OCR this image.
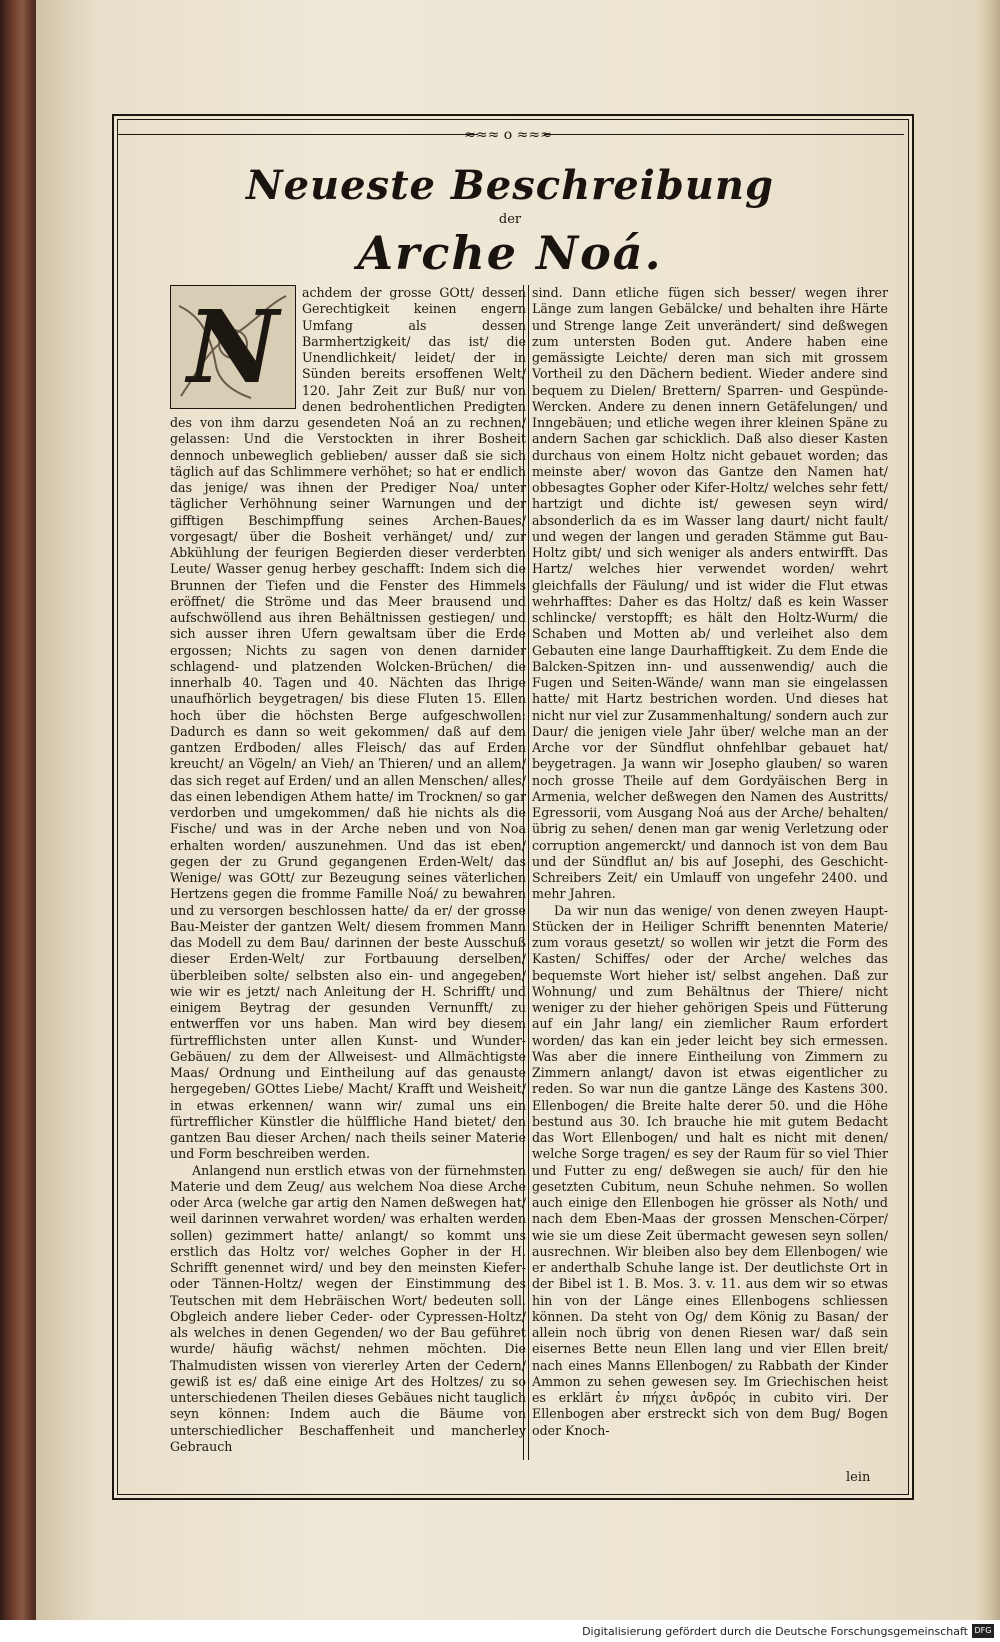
≈≈≈ o ≈≈≈
Neueste Beschreibung
der
Arche Noá.
N	achdem der grosse GOtt/ dessen Gerechtigkeit keinen engern Umfang als dessen Barmhertzigkeit/ das ist/ die Unendlichkeit/ leidet/ der in Sünden bereits ersoffenen Welt/ 120. Jahr Zeit zur Buß/ nur von denen bedrohentlichen Predigten des von ihm darzu gesendeten Noá an zu rechnen/ gelassen: Und die Verstockten in ihrer Bosheit dennoch unbeweglich geblieben/ ausser daß sie sich täglich auf das Schlimmere verhöhet; so hat er endlich das jenige/ was ihnen der Prediger Noa/ unter täglicher Verhöhnung seiner Warnungen und der gifftigen Beschimpffung seines Archen-Baues/ vorgesagt/ über die Bosheit verhänget/ und/ zur Abkühlung der feurigen Begierden dieser verderbten Leute/ Wasser genug herbey geschafft: Indem sich die Brunnen der Tiefen und die Fenster des Himmels eröffnet/ die Ströme und das Meer brausend und aufschwöllend aus ihren Behältnissen gestiegen/ und sich ausser ihren Ufern gewaltsam über die Erde ergossen; Nichts zu sagen von denen darnider schlagend- und platzenden Wolcken-Brüchen/ die innerhalb 40. Tagen und 40. Nächten das Ihrige unaufhörlich beygetragen/ bis diese Fluten 15. Ellen hoch über die höchsten Berge aufgeschwollen: Dadurch es dann so weit gekommen/ daß auf dem gantzen Erdboden/ alles Fleisch/ das auf Erden kreucht/ an Vögeln/ an Vieh/ an Thieren/ und an allem/ das sich reget auf Erden/ und an allen Menschen/ alles/ das einen lebendigen Athem hatte/ im Trocknen/ so gar verdorben und umgekommen/ daß hie nichts als die Fische/ und was in der Arche neben und von Noa erhalten worden/ auszunehmen. Und das ist eben/ gegen der zu Grund gegangenen Erden-Welt/ das Wenige/ was GOtt/ zur Bezeugung seines väterlichen Hertzens gegen die fromme Famille Noá/ zu bewahren und zu versorgen beschlossen hatte/ da er/ der grosse Bau-Meister der gantzen Welt/ diesem frommen Mann das Modell zu dem Bau/ darinnen der beste Ausschuß dieser Erden-Welt/ zur Fortbauung derselben/ überbleiben solte/ selbsten also ein- und angegeben/ wie wir es jetzt/ nach Anleitung der H. Schrifft/ und einigem Beytrag der gesunden Vernunfft/ zu entwerffen vor uns haben. Man wird bey diesem fürtrefflichsten unter allen Kunst- und Wunder-Gebäuen/ zu dem der Allweisest- und Allmächtigste Maas/ Ordnung und Eintheilung auf das genauste hergegeben/ GOttes Liebe/ Macht/ Krafft und Weisheit/ in etwas erkennen/ wann wir/ zumal uns ein fürtrefflicher Künstler die hülffliche Hand bietet/ den gantzen Bau dieser Archen/ nach theils seiner Materie und Form beschreiben werden.

Anlangend nun erstlich etwas von der fürnehmsten Materie und dem Zeug/ aus welchem Noa diese Arche oder Arca (welche gar artig den Namen deßwegen hat/ weil darinnen verwahret worden/ was erhalten werden sollen) gezimmert hatte/ anlangt/ so kommt uns erstlich das Holtz vor/ welches Gopher in der H. Schrifft genennet wird/ und bey den meinsten Kiefer- oder Tännen-Holtz/ wegen der Einstimmung des Teutschen mit dem Hebräischen Wort/ bedeuten soll. Obgleich andere lieber Ceder- oder Cypressen-Holtz/ als welches in denen Gegenden/ wo der Bau geführet wurde/ häufig wächst/ nehmen möchten. Die Thalmudisten wissen von viererley Arten der Cedern/ gewiß ist es/ daß eine einige Art des Holtzes/ zu so unterschiedenen Theilen dieses Gebäues nicht tauglich seyn können: Indem auch die Bäume von unterschiedlicher Beschaffenheit und mancherley Gebrauch

sind. Dann etliche fügen sich besser/ wegen ihrer Länge zum langen Gebälcke/ und behalten ihre Härte und Strenge lange Zeit unverändert/ sind deßwegen zum untersten Boden gut. Andere haben eine gemässigte Leichte/ deren man sich mit grossem Vortheil zu den Dächern bedient. Wieder andere sind bequem zu Dielen/ Brettern/ Sparren- und Gespünde-Wercken. Andere zu denen innern Getäfelungen/ und Inngebäuen; und etliche wegen ihrer kleinen Späne zu andern Sachen gar schicklich. Daß also dieser Kasten durchaus von einem Holtz nicht gebauet worden; das meinste aber/ wovon das Gantze den Namen hat/ obbesagtes Gopher oder Kifer-Holtz/ welches sehr fett/ hartzigt und dichte ist/ gewesen seyn wird/ absonderlich da es im Wasser lang daurt/ nicht fault/ und wegen der langen und geraden Stämme gut Bau-Holtz gibt/ und sich weniger als anders entwirfft. Das Hartz/ welches hier verwendet worden/ wehrt gleichfalls der Fäulung/ und ist wider die Flut etwas wehrhafftes: Daher es das Holtz/ daß es kein Wasser schlincke/ verstopfft; es hält den Holtz-Wurm/ die Schaben und Motten ab/ und verleihet also dem Gebauten eine lange Daurhafftigkeit. Zu dem Ende die Balcken-Spitzen inn- und aussenwendig/ auch die Fugen und Seiten-Wände/ wann man sie eingelassen hatte/ mit Hartz bestrichen worden. Und dieses hat nicht nur viel zur Zusammenhaltung/ sondern auch zur Daur/ die jenigen viele Jahr über/ welche man an der Arche vor der Sündflut ohnfehlbar gebauet hat/ beygetragen. Ja wann wir Josepho glauben/ so waren noch grosse Theile auf dem Gordyäischen Berg in Armenia, welcher deßwegen den Namen des Austritts/ Egressorii, vom Ausgang Noá aus der Arche/ behalten/ übrig zu sehen/ denen man gar wenig Verletzung oder corruption angemerckt/ und dannoch ist von dem Bau und der Sündflut an/ bis auf Josephi, des Geschicht-Schreibers Zeit/ ein Umlauff von ungefehr 2400. und mehr Jahren.

Da wir nun das wenige/ von denen zweyen Haupt-Stücken der in Heiliger Schrifft benennten Materie/ zum voraus gesetzt/ so wollen wir jetzt die Form des Kasten/ Schiffes/ oder der Arche/ welches das bequemste Wort hieher ist/ selbst angehen. Daß zur Wohnung/ und zum Behältnus der Thiere/ nicht weniger zu der hieher gehörigen Speis und Fütterung auf ein Jahr lang/ ein ziemlicher Raum erfordert worden/ das kan ein jeder leicht bey sich ermessen. Was aber die innere Eintheilung von Zimmern zu Zimmern anlangt/ davon ist etwas eigentlicher zu reden. So war nun die gantze Länge des Kastens 300. Ellenbogen/ die Breite halte derer 50. und die Höhe bestund aus 30. Ich brauche hie mit gutem Bedacht das Wort Ellenbogen/ und halt es nicht mit denen/ welche Sorge tragen/ es sey der Raum für so viel Thier und Futter zu eng/ deßwegen sie auch/ für den hie gesetzten Cubitum, neun Schuhe nehmen. So wollen auch einige den Ellenbogen hie grösser als Noth/ und nach dem Eben-Maas der grossen Menschen-Cörper/ wie sie um diese Zeit übermacht gewesen seyn sollen/ ausrechnen. Wir bleiben also bey dem Ellenbogen/ wie er anderthalb Schuhe lange ist. Der deutlichste Ort in der Bibel ist 1. B. Mos. 3. v. 11. aus dem wir so etwas hin von der Länge eines Ellenbogens schliessen können. Da steht von Og/ dem König zu Basan/ der allein noch übrig von denen Riesen war/ daß sein eisernes Bette neun Ellen lang und vier Ellen breit/ nach eines Manns Ellenbogen/ zu Rabbath der Kinder Ammon zu sehen gewesen sey. Im Griechischen heist es erklärt ἐν πήχει ἀνδρός in cubito viri. Der Ellenbogen aber erstreckt sich von dem Bug/ Bogen oder Knoch-

lein
Digitalisierung gefördert durch die Deutsche Forschungsgemeinschaft DFG
